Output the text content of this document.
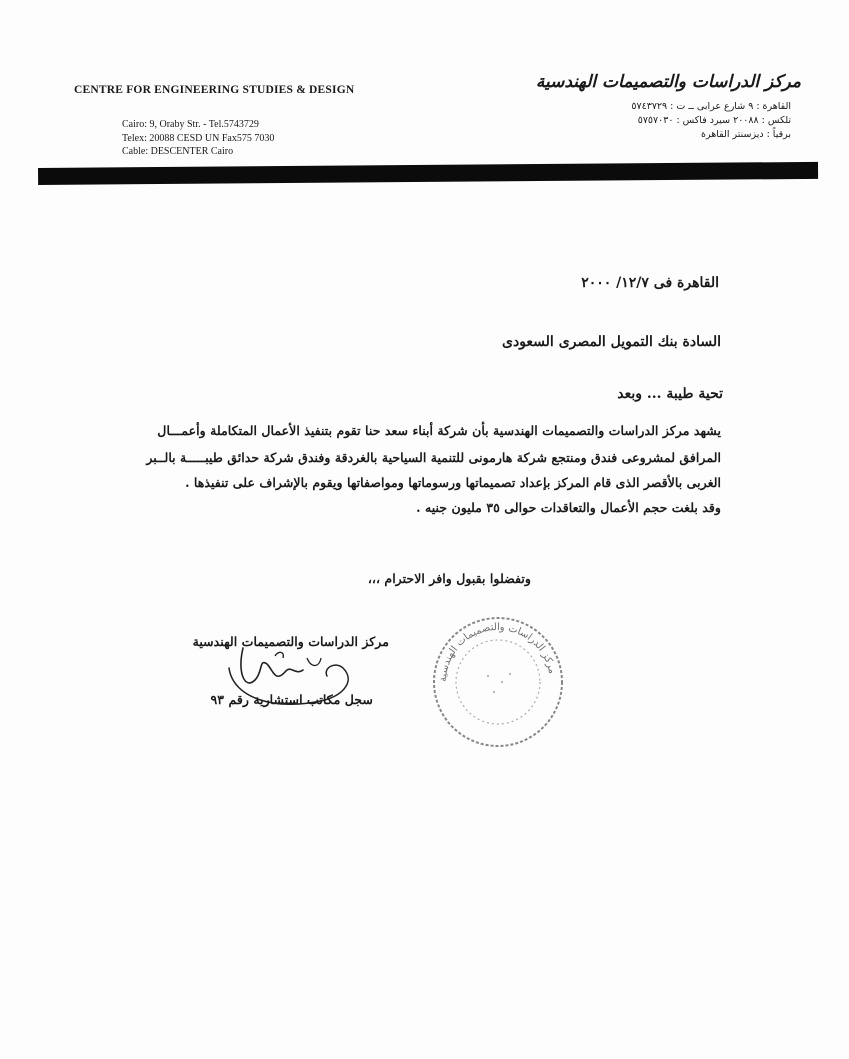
CENTRE FOR ENGINEERING STUDIES & DESIGN
Cairo: 9, Oraby Str. - Tel.5743729
Telex: 20088 CESD UN Fax575 7030
Cable: DESCENTER Cairo
مركز الدراسات والتصميمات الهندسية
القاهرة : ٩ شارع عرابى ــ ت : ٥٧٤٣٧٢٩
تلكس : ٢٠٠٨٨ سيرد فاكس : ٥٧٥٧٠٣٠
برقياً : ديزسنتر القاهرة
القاهرة فى ١٢/٧/ ٢٠٠٠
السادة بنك التمويل المصرى السعودى
تحية طيبة ... وبعد
يشهد مركز الدراسات والتصميمات الهندسية بأن شركة أبناء سعد حنا تقوم بتنفيذ الأعمال المتكاملة وأعمـــال
المرافق لمشروعى فندق ومنتجع شركة هارمونى للتنمية السياحية بالغردقة وفندق شركة حدائق طيبـــــة بالــبر
الغربى بالأقصر الذى قام المركز بإعداد تصميماتها ورسوماتها ومواصفاتها ويقوم بالإشراف على تنفيذها .
وقد بلغت حجم الأعمال والتعاقدات حوالى ٣٥ مليون جنيه .
وتفضلوا بقبول وافر الاحترام ،،،
مركز الدراسات والتصميمات الهندسية
سجل مكاتب استشارية رقم ٩٣
مركز الدراسات والتصميمات الهندسية
